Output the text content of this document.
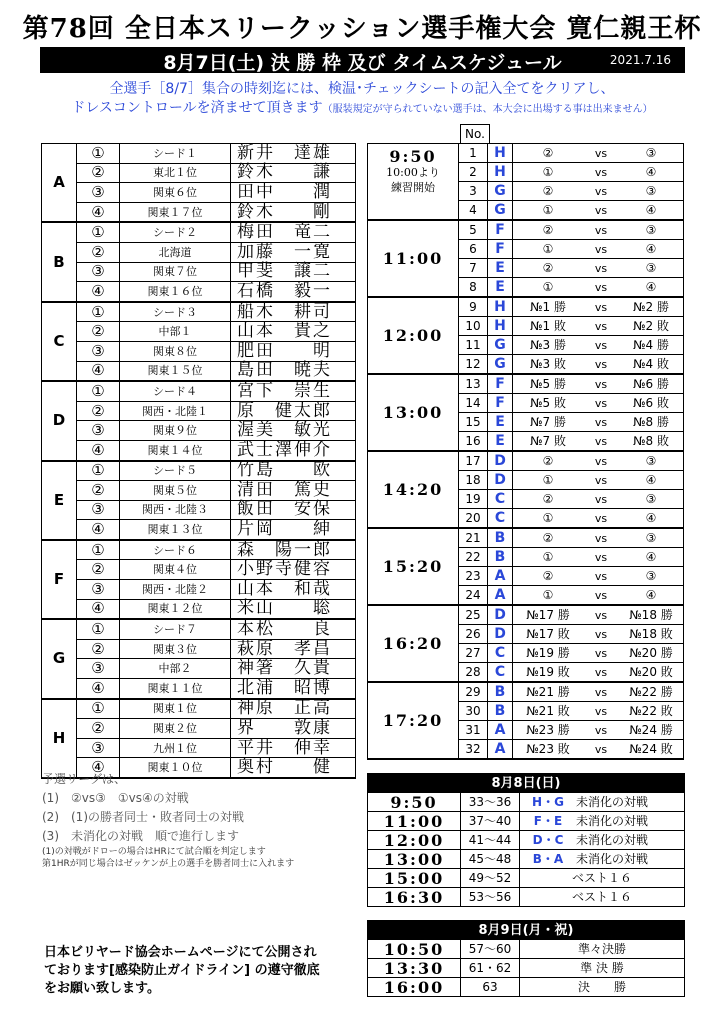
第78回 全日本スリークッション選手権大会 寛仁親王杯
8月7日(土) 決 勝 枠 及び タイムスケジュール	2021.7.16
全選手［8/7］集合の時刻迄には、検温･チェックシートの記入全てをクリアし、
ドレスコントロールを済ませて頂きます（服装規定が守られていない選手は、本大会に出場する事は出来ません）
A	①	シード１	新井　達雄
	②	東北１位	鈴木　　謙
	③	関東６位	田中　　潤
	④	関東１７位	鈴木　　剛
B	①	シード２	梅田　竜二
	②	北海道	加藤　一寛
	③	関東７位	甲斐　譲二
	④	関東１６位	石橋　毅一
C	①	シード３	船木　耕司
	②	中部１	山本　貴之
	③	関東８位	肥田　　明
	④	関東１５位	島田　暁夫
D	①	シード４	宮下　崇生
	②	関西・北陸１	原　健太郎
	③	関東９位	渥美　敏光
	④	関東１４位	武士澤伸介
E	①	シード５	竹島　　欧
	②	関東５位	清田　篤史
	③	関西・北陸３	飯田　安保
	④	関東１３位	片岡　　紳
F	①	シード６	森　陽一郎
	②	関東４位	小野寺健容
	③	関西・北陸２	山本　和哉
	④	関東１２位	米山　　聡
G	①	シード７	本松　　良
	②	関東３位	萩原　孝昌
	③	中部２	神箸　久貴
	④	関東１１位	北浦　昭博
H	①	関東１位	神原　正高
	②	関東２位	界　　敦康
	③	九州１位	平井　伸幸
	④	関東１０位	奥村　　健
No.
9:50
10:00より
練習開始	1	H	②	vs	③
	2	H	①	vs	④
	3	G	②	vs	③
	4	G	①	vs	④

11:00	5	F	②	vs	③
	6	F	①	vs	④
	7	E	②	vs	③
	8	E	①	vs	④

12:00	9	H	№1 勝	vs	№2 勝
	10	H	№1 敗	vs	№2 敗
	11	G	№3 勝	vs	№4 勝
	12	G	№3 敗	vs	№4 敗

13:00	13	F	№5 勝	vs	№6 勝
	14	F	№5 敗	vs	№6 敗
	15	E	№7 勝	vs	№8 勝
	16	E	№7 敗	vs	№8 敗

14:20	17	D	②	vs	③
	18	D	①	vs	④
	19	C	②	vs	③
	20	C	①	vs	④

15:20	21	B	②	vs	③
	22	B	①	vs	④
	23	A	②	vs	③
	24	A	①	vs	④

16:20	25	D	№17 勝	vs	№18 勝
	26	D	№17 敗	vs	№18 敗
	27	C	№19 勝	vs	№20 勝
	28	C	№19 敗	vs	№20 敗

17:20	29	B	№21 勝	vs	№22 勝
	30	B	№21 敗	vs	№22 敗
	31	A	№23 勝	vs	№24 勝
	32	A	№23 敗	vs	№24 敗
予選リーグは、
(1)　②vs③　①vs④の対戦
(2)　(1)の勝者同士・敗者同士の対戦
(3)　未消化の対戦　順で進行します
(1)の対戦がドローの場合はHRにて試合順を判定します
第1HRが同じ場合はゼッケンが上の選手を勝者同士に入れます
8月8日(日)			
9:50	33〜36	H・G	未消化の対戦
11:00	37〜40	F・E	未消化の対戦
12:00	41〜44	D・C	未消化の対戦
13:00	45〜48	B・A	未消化の対戦
15:00	49〜52	ベスト１６	
16:30	53〜56	ベスト１６	
8月9日(月・祝)		
10:50	57〜60	準々決勝
13:30	61・62	準 決 勝
16:00	63	決　　勝
日本ビリヤード協会ホームページにて公開され
ております[感染防止ガイドライン] の遵守徹底
をお願い致します。
